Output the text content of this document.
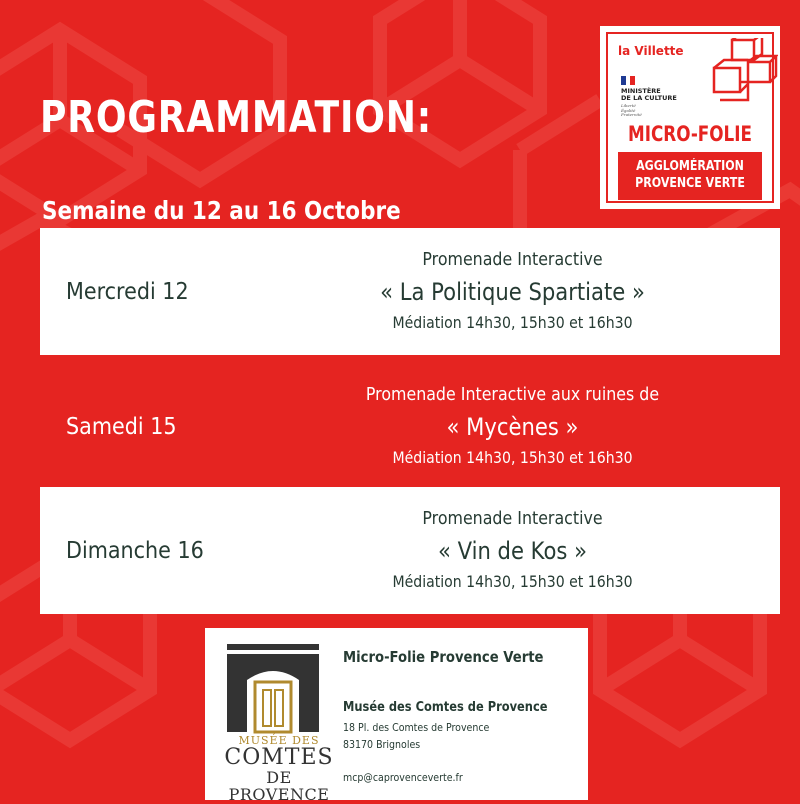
PROGRAMMATION:
Semaine du 12 au 16 Octobre
la Villette
MINISTÈRE
DE LA CULTURE
Liberté
Égalité
Fraternité
MICRO-FOLIE
AGGLOMÉRATION
PROVENCE VERTE
Mercredi 12
Promenade Interactive
« La Politique Spartiate »
Médiation 14h30, 15h30 et 16h30
Samedi 15
Promenade Interactive aux ruines de
« Mycènes »
Médiation 14h30, 15h30 et 16h30
Dimanche 16
Promenade Interactive
« Vin de Kos »
Médiation 14h30, 15h30 et 16h30
MUSÉE DES
COMTES
DE PROVENCE
Micro-Folie Provence Verte
Musée des Comtes de Provence
18 Pl. des Comtes de Provence
83170 Brignoles
mcp@caprovenceverte.fr
